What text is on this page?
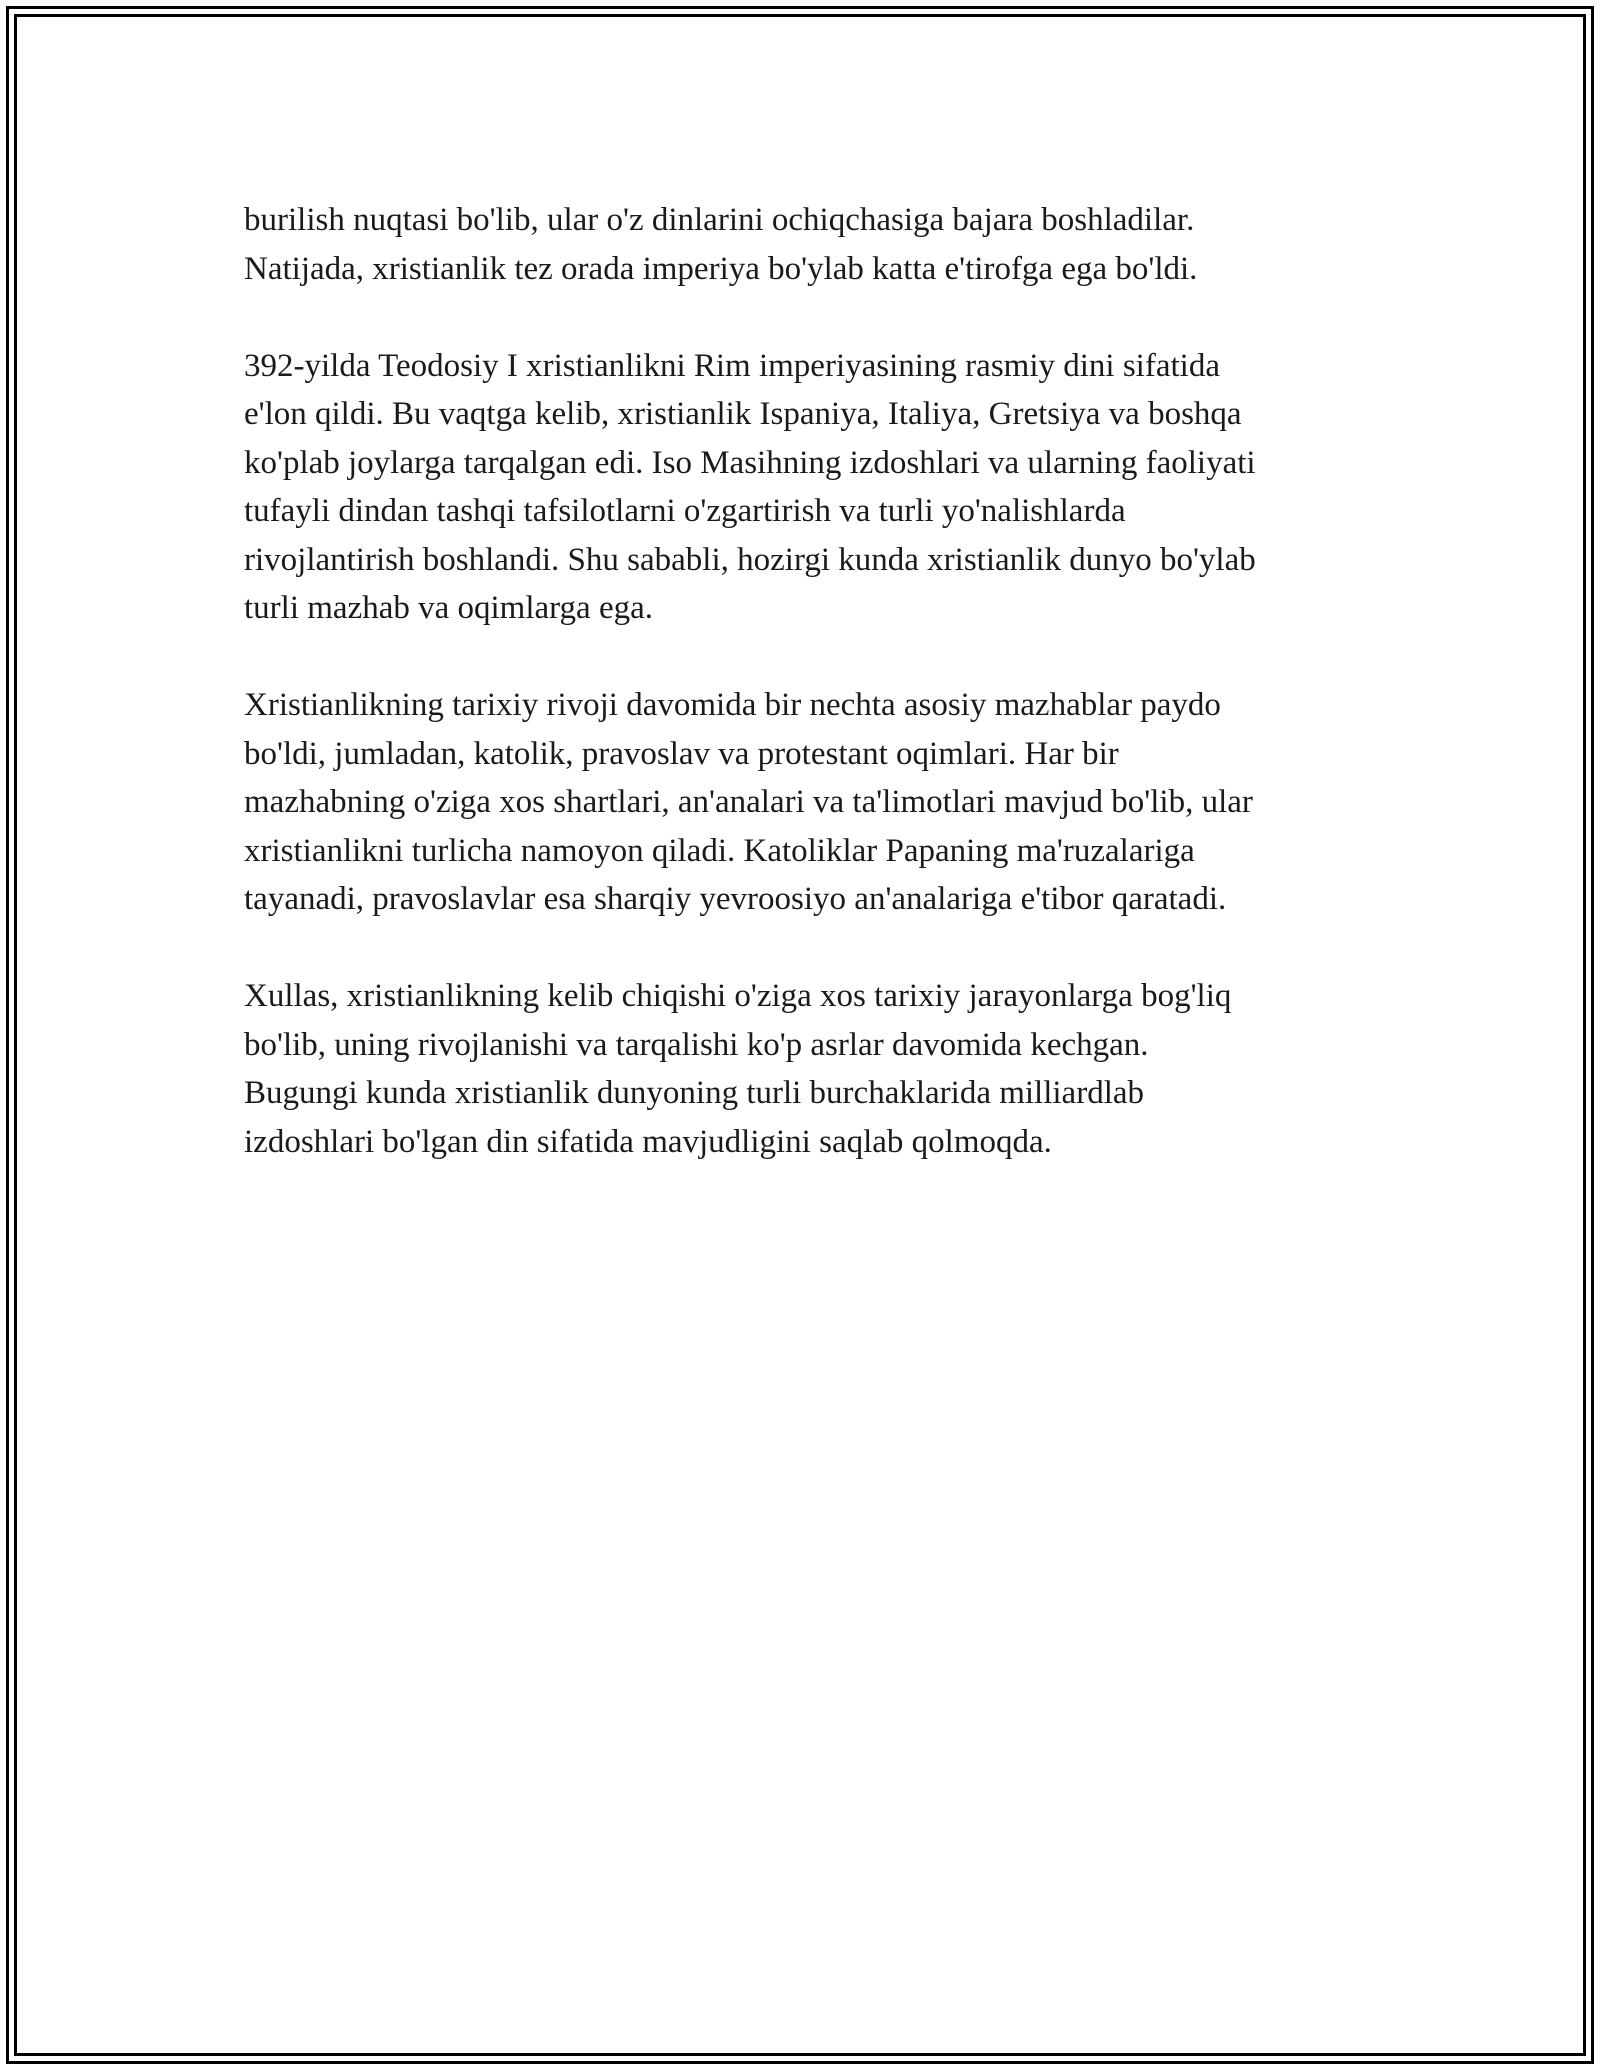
burilish nuqtasi bo'lib, ular o'z dinlarini ochiqchasiga bajara boshladilar.
Natijada, xristianlik tez orada imperiya bo'ylab katta e'tirofga ega bo'ldi.

392-yilda Teodosiy I xristianlikni Rim imperiyasining rasmiy dini sifatida
e'lon qildi. Bu vaqtga kelib, xristianlik Ispaniya, Italiya, Gretsiya va boshqa
ko'plab joylarga tarqalgan edi. Iso Masihning izdoshlari va ularning faoliyati
tufayli dindan tashqi tafsilotlarni o'zgartirish va turli yo'nalishlarda
rivojlantirish boshlandi. Shu sababli, hozirgi kunda xristianlik dunyo bo'ylab
turli mazhab va oqimlarga ega.

Xristianlikning tarixiy rivoji davomida bir nechta asosiy mazhablar paydo
bo'ldi, jumladan, katolik, pravoslav va protestant oqimlari. Har bir
mazhabning o'ziga xos shartlari, an'analari va ta'limotlari mavjud bo'lib, ular
xristianlikni turlicha namoyon qiladi. Katoliklar Papaning ma'ruzalariga
tayanadi, pravoslavlar esa sharqiy yevroosiyo an'analariga e'tibor qaratadi.

Xullas, xristianlikning kelib chiqishi o'ziga xos tarixiy jarayonlarga bog'liq
bo'lib, uning rivojlanishi va tarqalishi ko'p asrlar davomida kechgan.
Bugungi kunda xristianlik dunyoning turli burchaklarida milliardlab
izdoshlari bo'lgan din sifatida mavjudligini saqlab qolmoqda.
